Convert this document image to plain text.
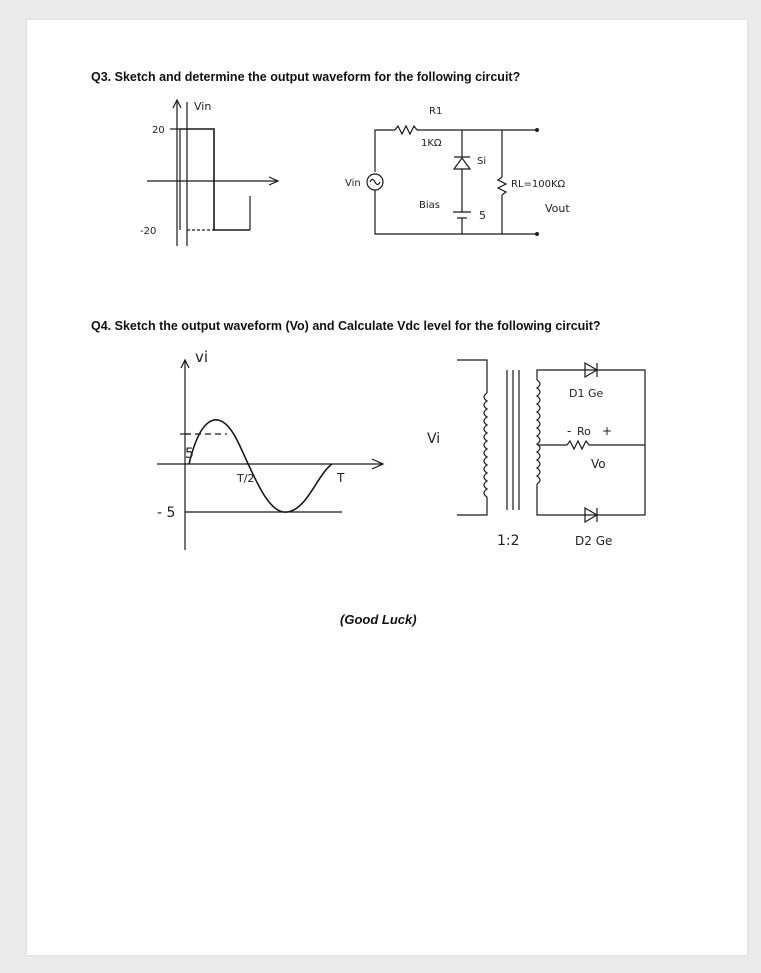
Q3. Sketch and determine the output waveform for the following circuit?
Vin
20
-20
R1
1KΩ
Si
Vin
Bias
5
RL=100KΩ
Vout
Q4. Sketch the output waveform (Vo) and Calculate Vdc level for the following circuit?
vi
5
- 5
T/2	T
Vi
D1 Ge
- Ro +
Vo
1:2	D2 Ge
(Good Luck)
